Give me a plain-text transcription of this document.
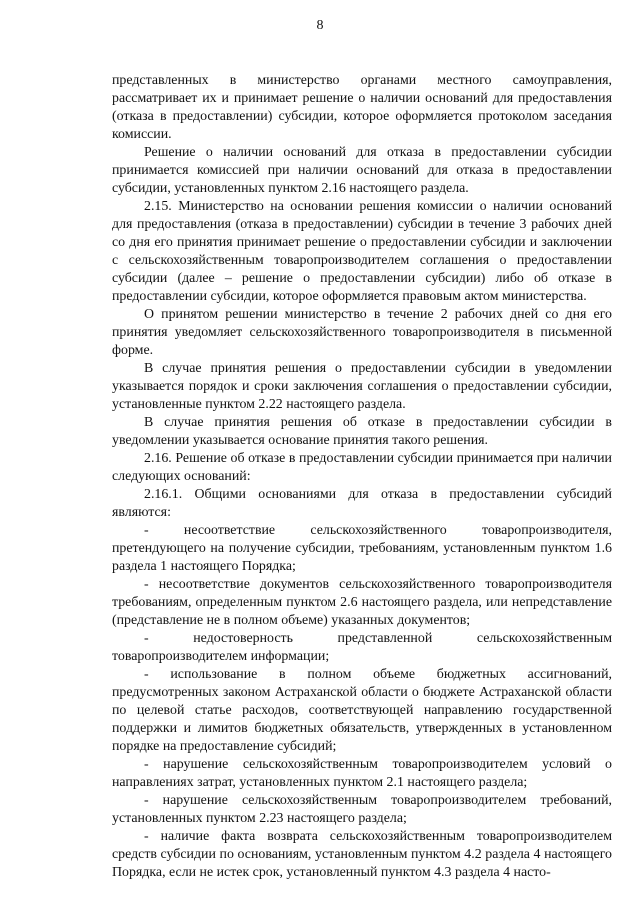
8

представленных в министерство органами местного самоуправления, рассматривает их и принимает решение о наличии оснований для предоставления (отказа в предоставлении) субсидии, которое оформляется протоколом заседания комиссии.

Решение о наличии оснований для отказа в предоставлении субсидии принимается комиссией при наличии оснований для отказа в предоставлении субсидии, установленных пунктом 2.16 настоящего раздела.

2.15. Министерство на основании решения комиссии о наличии оснований для предоставления (отказа в предоставлении) субсидии в течение 3 рабочих дней со дня его принятия принимает решение о предоставлении субсидии и заключении с сельскохозяйственным товаропроизводителем соглашения о предоставлении субсидии (далее – решение о предоставлении субсидии) либо об отказе в предоставлении субсидии, которое оформляется правовым актом министерства.

О принятом решении министерство в течение 2 рабочих дней со дня его принятия уведомляет сельскохозяйственного товаропроизводителя в письменной форме.

В случае принятия решения о предоставлении субсидии в уведомлении указывается порядок и сроки заключения соглашения о предоставлении субсидии, установленные пунктом 2.22 настоящего раздела.

В случае принятия решения об отказе в предоставлении субсидии в уведомлении указывается основание принятия такого решения.

2.16. Решение об отказе в предоставлении субсидии принимается при наличии следующих оснований:

2.16.1. Общими основаниями для отказа в предоставлении субсидий являются:

- несоответствие сельскохозяйственного товаропроизводителя, претендующего на получение субсидии, требованиям, установленным пунктом 1.6 раздела 1 настоящего Порядка;

- несоответствие документов сельскохозяйственного товаропроизводителя требованиям, определенным пунктом 2.6 настоящего раздела, или непредставление (представление не в полном объеме) указанных документов;

- недостоверность представленной сельскохозяйственным товаропроизводителем информации;

- использование в полном объеме бюджетных ассигнований, предусмотренных законом Астраханской области о бюджете Астраханской области по целевой статье расходов, соответствующей направлению государственной поддержки и лимитов бюджетных обязательств, утвержденных в установленном порядке на предоставление субсидий;

- нарушение сельскохозяйственным товаропроизводителем условий о направлениях затрат, установленных пунктом 2.1 настоящего раздела;

- нарушение сельскохозяйственным товаропроизводителем требований, установленных пунктом 2.23 настоящего раздела;

- наличие факта возврата сельскохозяйственным товаропроизводителем средств субсидии по основаниям, установленным пунктом 4.2 раздела 4 настоящего Порядка, если не истек срок, установленный пунктом 4.3 раздела 4 насто-
